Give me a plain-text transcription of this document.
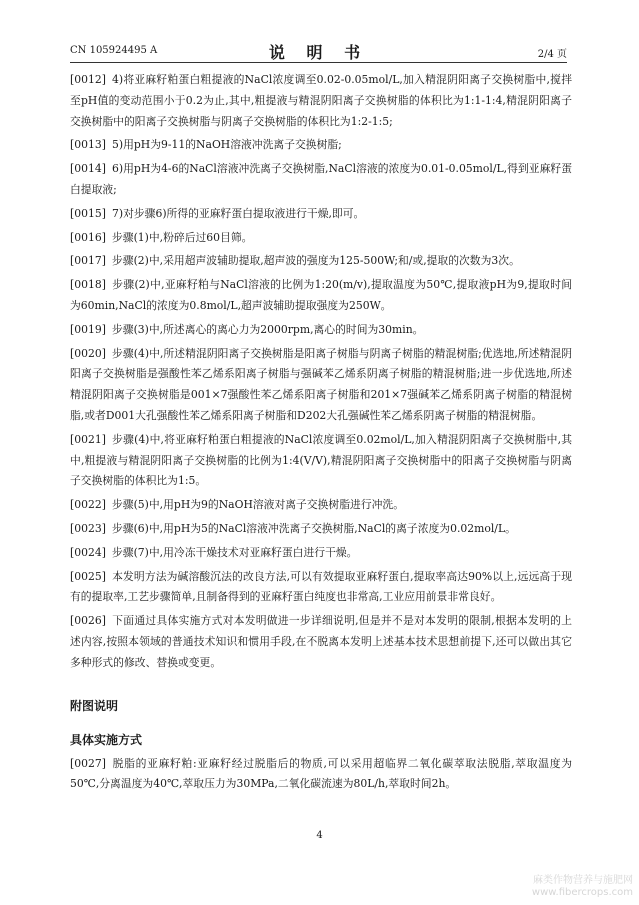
CN 105924495 A	说 明 书	2/4 页
[0012] 4)将亚麻籽粕蛋白粗提液的NaCl浓度调至0.02-0.05mol/L,加入精混阴阳离子交换树脂中,搅拌至pH值的变动范围小于0.2为止,其中,粗提液与精混阴阳离子交换树脂的体积比为1:1-1:4,精混阴阳离子交换树脂中的阳离子交换树脂与阴离子交换树脂的体积比为1:2-1:5;
[0013] 5)用pH为9-11的NaOH溶液冲洗离子交换树脂;
[0014] 6)用pH为4-6的NaCl溶液冲洗离子交换树脂,NaCl溶液的浓度为0.01-0.05mol/L,得到亚麻籽蛋白提取液;
[0015] 7)对步骤6)所得的亚麻籽蛋白提取液进行干燥,即可。
[0016] 步骤(1)中,粉碎后过60目筛。
[0017] 步骤(2)中,采用超声波辅助提取,超声波的强度为125-500W;和/或,提取的次数为3次。
[0018] 步骤(2)中,亚麻籽粕与NaCl溶液的比例为1:20(m/v),提取温度为50℃,提取液pH为9,提取时间为60min,NaCl的浓度为0.8mol/L,超声波辅助提取强度为250W。
[0019] 步骤(3)中,所述离心的离心力为2000rpm,离心的时间为30min。
[0020] 步骤(4)中,所述精混阴阳离子交换树脂是阳离子树脂与阴离子树脂的精混树脂;优选地,所述精混阴阳离子交换树脂是强酸性苯乙烯系阳离子树脂与强碱苯乙烯系阴离子树脂的精混树脂;进一步优选地,所述精混阴阳离子交换树脂是001×7强酸性苯乙烯系阳离子树脂和201×7强碱苯乙烯系阴离子树脂的精混树脂,或者D001大孔强酸性苯乙烯系阳离子树脂和D202大孔强碱性苯乙烯系阴离子树脂的精混树脂。
[0021] 步骤(4)中,将亚麻籽粕蛋白粗提液的NaCl浓度调至0.02mol/L,加入精混阴阳离子交换树脂中,其中,粗提液与精混阴阳离子交换树脂的比例为1:4(V/V),精混阴阳离子交换树脂中的阳离子交换树脂与阴离子交换树脂的体积比为1:5。
[0022] 步骤(5)中,用pH为9的NaOH溶液对离子交换树脂进行冲洗。
[0023] 步骤(6)中,用pH为5的NaCl溶液冲洗离子交换树脂,NaCl的离子浓度为0.02mol/L。
[0024] 步骤(7)中,用冷冻干燥技术对亚麻籽蛋白进行干燥。
[0025] 本发明方法为碱溶酸沉法的改良方法,可以有效提取亚麻籽蛋白,提取率高达90%以上,远远高于现有的提取率,工艺步骤简单,且制备得到的亚麻籽蛋白纯度也非常高,工业应用前景非常良好。
[0026] 下面通过具体实施方式对本发明做进一步详细说明,但是并不是对本发明的限制,根据本发明的上述内容,按照本领域的普通技术知识和惯用手段,在不脱离本发明上述基本技术思想前提下,还可以做出其它多种形式的修改、替换或变更。
附图说明
具体实施方式
[0027] 脱脂的亚麻籽粕:亚麻籽经过脱脂后的物质,可以采用超临界二氧化碳萃取法脱脂,萃取温度为50℃,分离温度为40℃,萃取压力为30MPa,二氧化碳流速为80L/h,萃取时间2h。
4
麻类作物营养与施肥网
www.fibercrops.com
